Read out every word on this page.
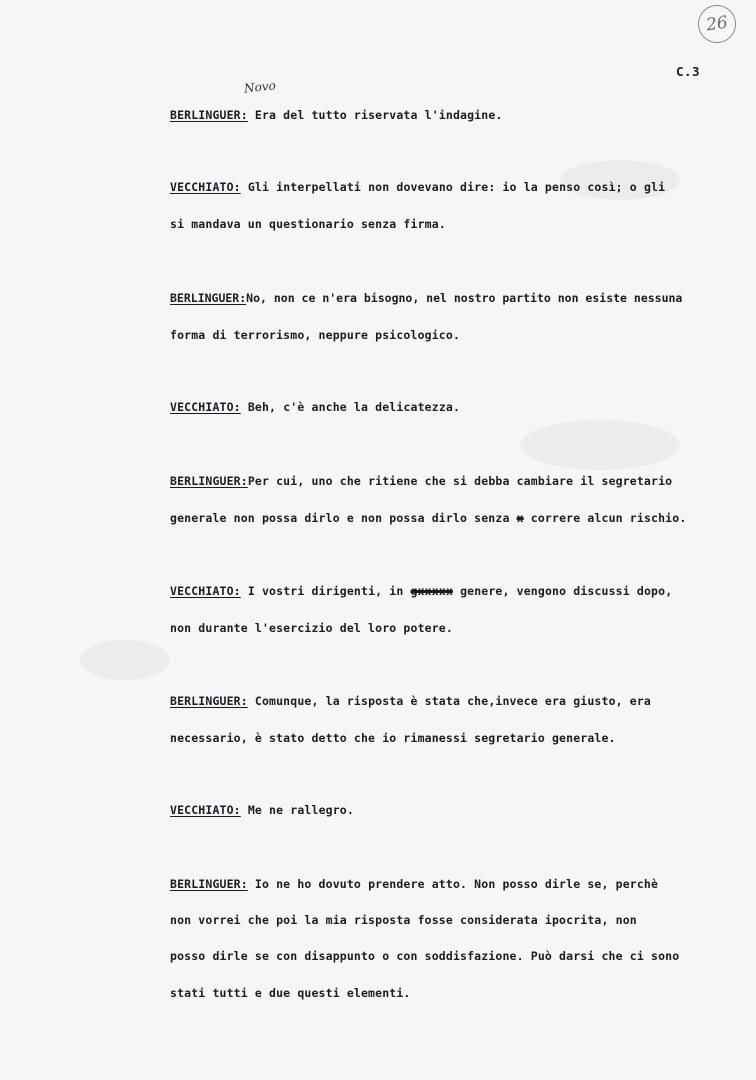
26
C.3
Novo
BERLINGUER: Era del tutto riservata l'indagine.
VECCHIATO: Gli interpellati non dovevano dire: io la penso così; o gli
si mandava un questionario senza firma.
BERLINGUER:No, non ce n'era bisogno, nel nostro partito non esiste nessuna
forma di terrorismo, neppure psicologico.
VECCHIATO: Beh, c'è anche la delicatezza.
BERLINGUER:Per cui, uno che ritiene che si debba cambiare il segretario
generale non possa dirlo e non possa dirlo senza x correre alcun rischio.
VECCHIATO: I vostri dirigenti, in gxxxxx genere, vengono discussi dopo,
non durante l'esercizio del loro potere.
BERLINGUER: Comunque, la risposta è stata che,invece era giusto, era
necessario, è stato detto che io rimanessi segretario generale.
VECCHIATO: Me ne rallegro.
BERLINGUER: Io ne ho dovuto prendere atto. Non posso dirle se, perchè
non vorrei che poi la mia risposta fosse considerata ipocrita, non
posso dirle se con disappunto o con soddisfazione. Può darsi che ci sono
stati tutti e due questi elementi.
